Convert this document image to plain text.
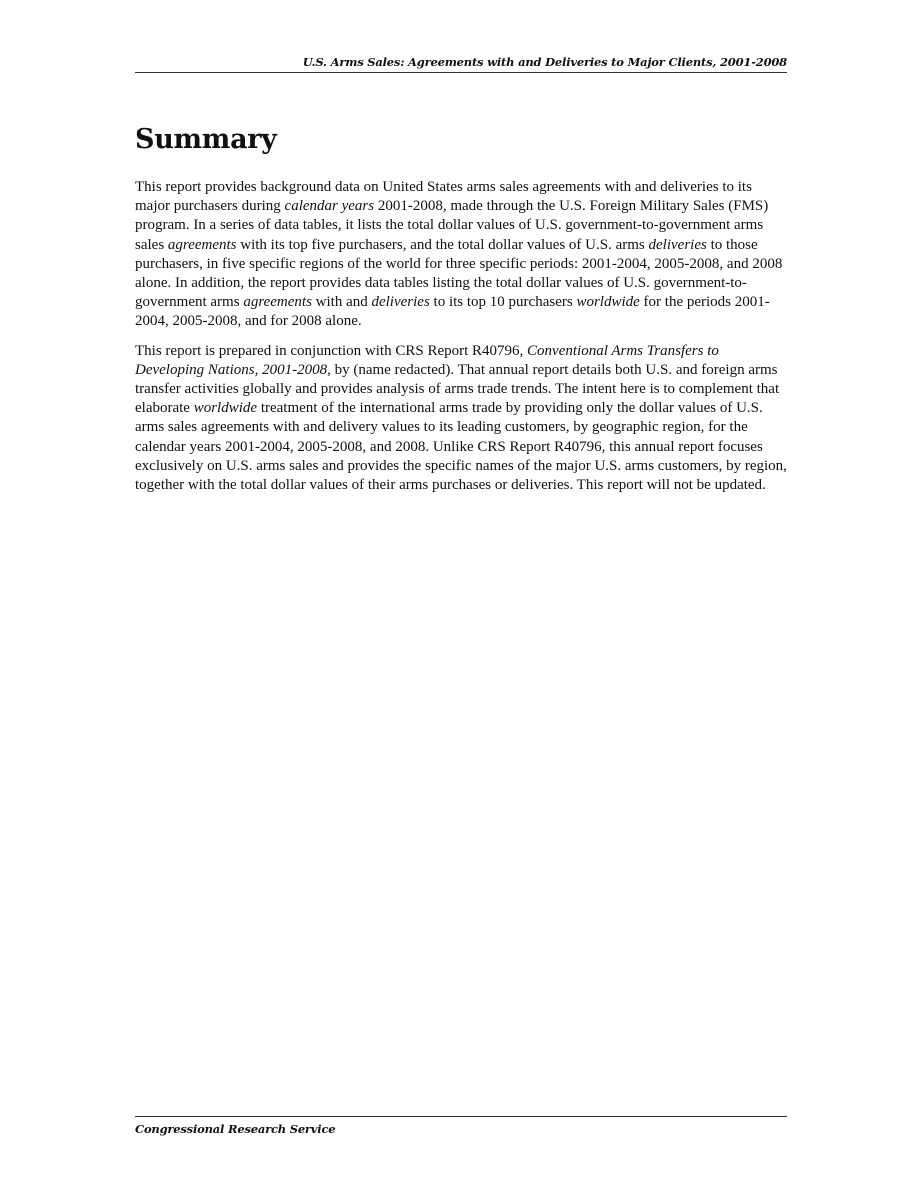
U.S. Arms Sales: Agreements with and Deliveries to Major Clients, 2001-2008
Summary

This report provides background data on United States arms sales agreements with and deliveries to its major purchasers during calendar years 2001-2008, made through the U.S. Foreign Military Sales (FMS) program. In a series of data tables, it lists the total dollar values of U.S. government-to-government arms sales agreements with its top five purchasers, and the total dollar values of U.S. arms deliveries to those purchasers, in five specific regions of the world for three specific periods: 2001-2004, 2005-2008, and 2008 alone. In addition, the report provides data tables listing the total dollar values of U.S. government-to-government arms agreements with and deliveries to its top 10 purchasers worldwide for the periods 2001-2004, 2005-2008, and for 2008 alone.

This report is prepared in conjunction with CRS Report R40796, Conventional Arms Transfers to Developing Nations, 2001-2008, by (name redacted). That annual report details both U.S. and foreign arms transfer activities globally and provides analysis of arms trade trends. The intent here is to complement that elaborate worldwide treatment of the international arms trade by providing only the dollar values of U.S. arms sales agreements with and delivery values to its leading customers, by geographic region, for the calendar years 2001-2004, 2005-2008, and 2008. Unlike CRS Report R40796, this annual report focuses exclusively on U.S. arms sales and provides the specific names of the major U.S. arms customers, by region, together with the total dollar values of their arms purchases or deliveries. This report will not be updated.

Congressional Research Service
